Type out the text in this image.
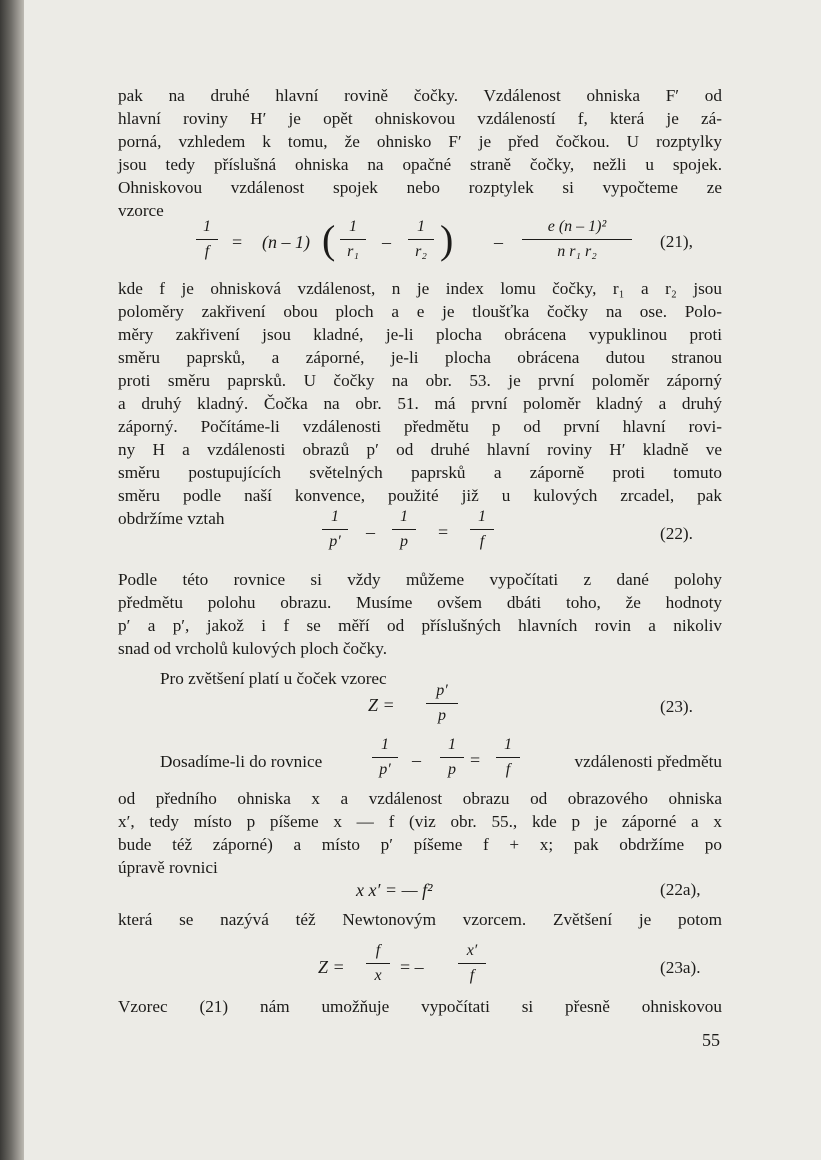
pak na druhé hlavní rovině čočky. Vzdálenost ohniska F′ od
hlavní roviny H′ je opět ohniskovou vzdáleností f, která je zá-
porná, vzhledem k tomu, že ohnisko F′ je před čočkou. U rozptylky
jsou tedy příslušná ohniska na opačné straně čočky, nežli u spojek.
Ohniskovou vzdálenost spojek nebo rozptylek si vypočteme ze
vzorce
1
f	= (n – 1) ( 1
r₁	–
1
r₂ ) –
e (n – 1)²
n r₁ r₂
(21),
kde f je ohnisková vzdálenost, n je index lomu čočky, r₁ a r₂ jsou
poloměry zakřivení obou ploch a e je tloušťka čočky na ose. Polo-
měry zakřivení jsou kladné, je-li plocha obrácena vypuklinou proti
směru paprsků, a záporné, je-li plocha obrácena dutou stranou
proti směru paprsků. U čočky na obr. 53. je první poloměr záporný
a druhý kladný. Čočka na obr. 51. má první poloměr kladný a druhý
záporný. Počítáme-li vzdálenosti předmětu p od první hlavní rovi-
ny H a vzdálenosti obrazů p′ od druhé hlavní roviny H′ kladně ve
směru postupujících světelných paprsků a záporně proti tomuto
směru podle naší konvence, použité již u kulových zrcadel, pak
obdržíme vztah	1
p′	–
1
p	=
1
f	(22).
Podle této rovnice si vždy můžeme vypočítati z dané polohy
předmětu polohu obrazu. Musíme ovšem dbáti toho, že hodnoty
p′ a p′, jakož i f se měří od příslušných hlavních rovin a nikoliv
snad od vrcholů kulových ploch čočky.
Pro zvětšení platí u čoček vzorec
Z =
p′
p	(23).
Dosadíme-li do rovnice
1
p′	–
1
p =
1
f	vzdálenosti předmětu
od předního ohniska x a vzdálenost obrazu od obrazového ohniska
x′, tedy místo p píšeme x — f (viz obr. 55., kde p je záporné a x
bude též záporné) a místo p′ píšeme f + x; pak obdržíme po
úpravě rovnici
x x′ = — f²	(22a),
která se nazývá též Newtonovým vzorcem. Zvětšení je potom
Z =
f
x	= –
x′
f	(23a).
Vzorec (21) nám umožňuje vypočítati si přesně ohniskovou
55
